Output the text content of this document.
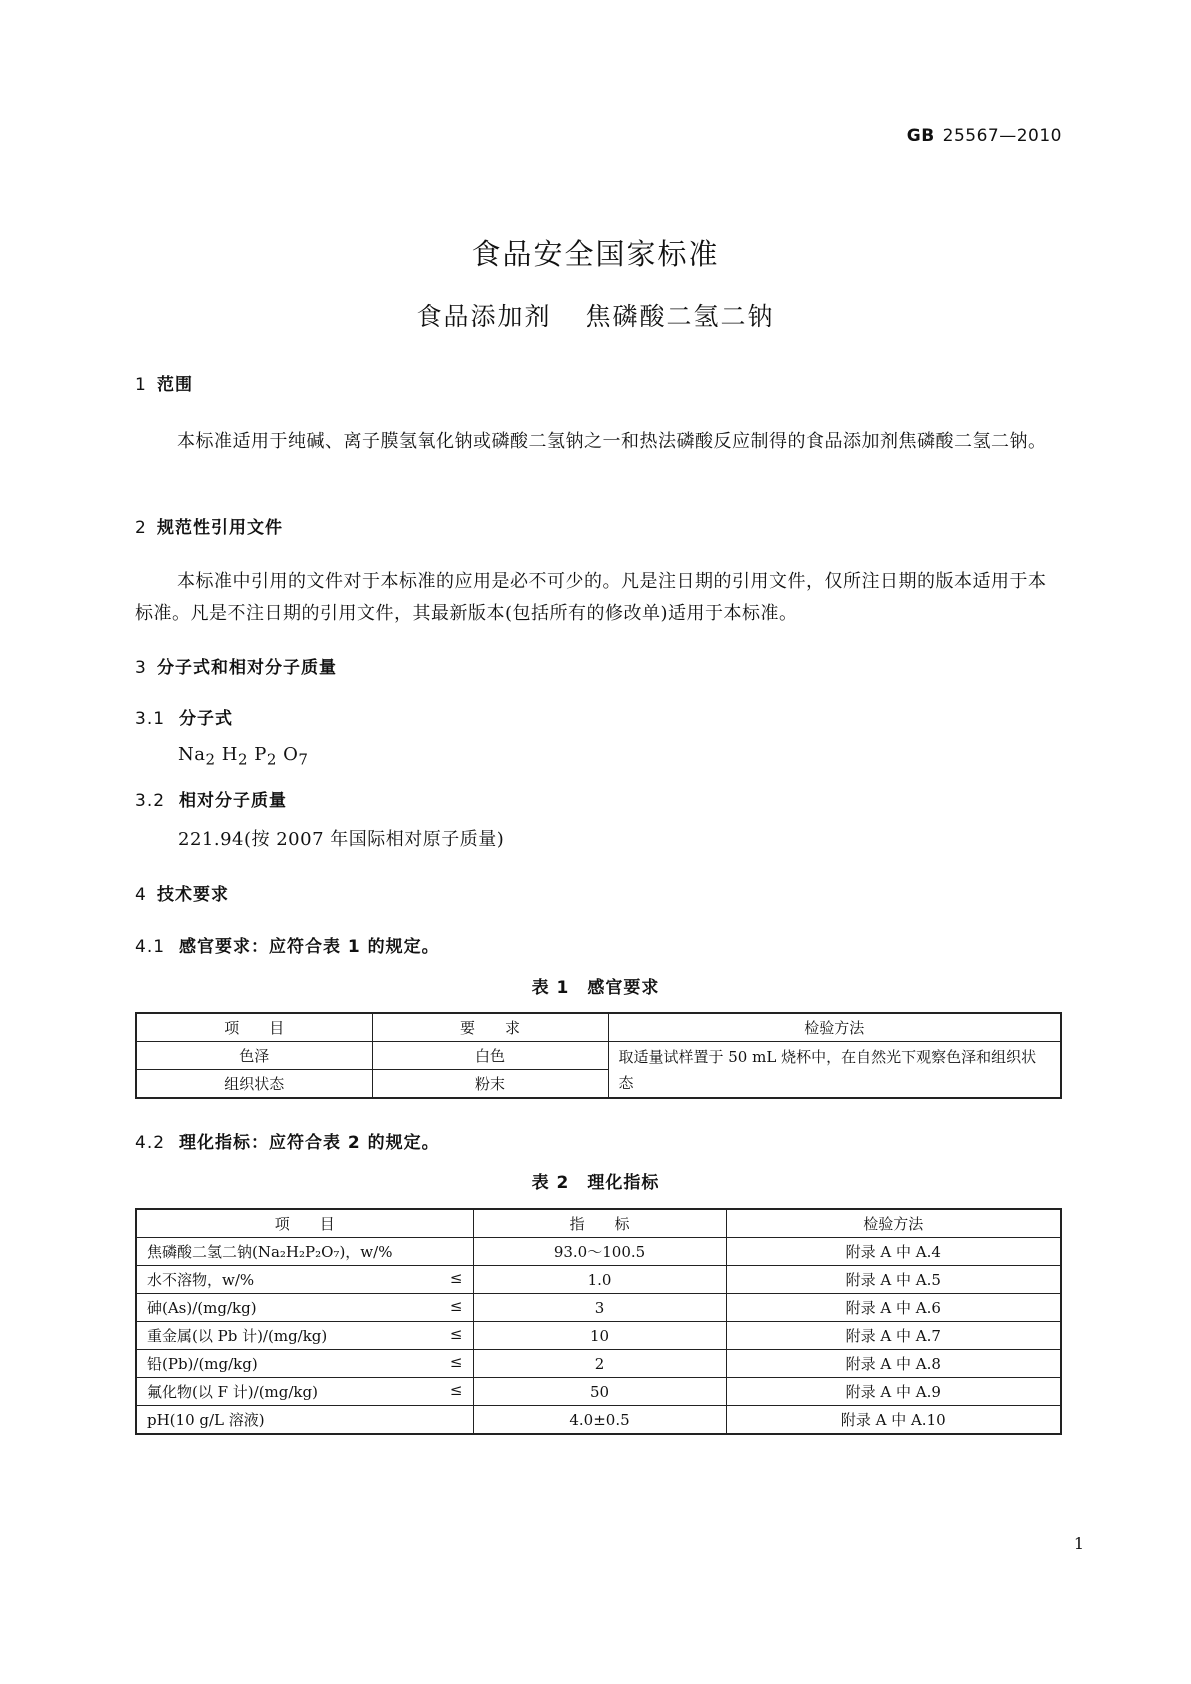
GB 25567—2010
食品安全国家标准
食品添加剂 焦磷酸二氢二钠
1 范围
本标准适用于纯碱、离子膜氢氧化钠或磷酸二氢钠之一和热法磷酸反应制得的食品添加剂焦磷酸二氢二钠。
2 规范性引用文件
本标准中引用的文件对于本标准的应用是必不可少的。凡是注日期的引用文件，仅所注日期的版本适用于本标准。凡是不注日期的引用文件，其最新版本(包括所有的修改单)适用于本标准。
3 分子式和相对分子质量
3.1 分子式
$Na_2$ $H_2$ $P_2$ $O_7$
3.2 相对分子质量
221.94(按 2007 年国际相对原子质量)
4 技术要求
4.1 感官要求：应符合表 1 的规定。
表 1　感官要求
项　　目	要　　求	检验方法
色泽	白色	取适量试样置于 50 mL 烧杯中，在自然光下观察色泽和组织状态
组织状态	粉末	
4.2 理化指标：应符合表 2 的规定。
表 2　理化指标
项　　目	指　　标	检验方法
焦磷酸二氢二钠(Na₂H₂P₂O₇)，w/%	93.0～100.5	附录 A 中 A.4
水不溶物，w/% ≤	1.0	附录 A 中 A.5
砷(As)/(mg/kg) ≤	3	附录 A 中 A.6
重金属(以 Pb 计)/(mg/kg) ≤	10	附录 A 中 A.7
铅(Pb)/(mg/kg) ≤	2	附录 A 中 A.8
氟化物(以 F 计)/(mg/kg) ≤	50	附录 A 中 A.9
pH(10 g/L 溶液)	4.0±0.5	附录 A 中 A.10
1
